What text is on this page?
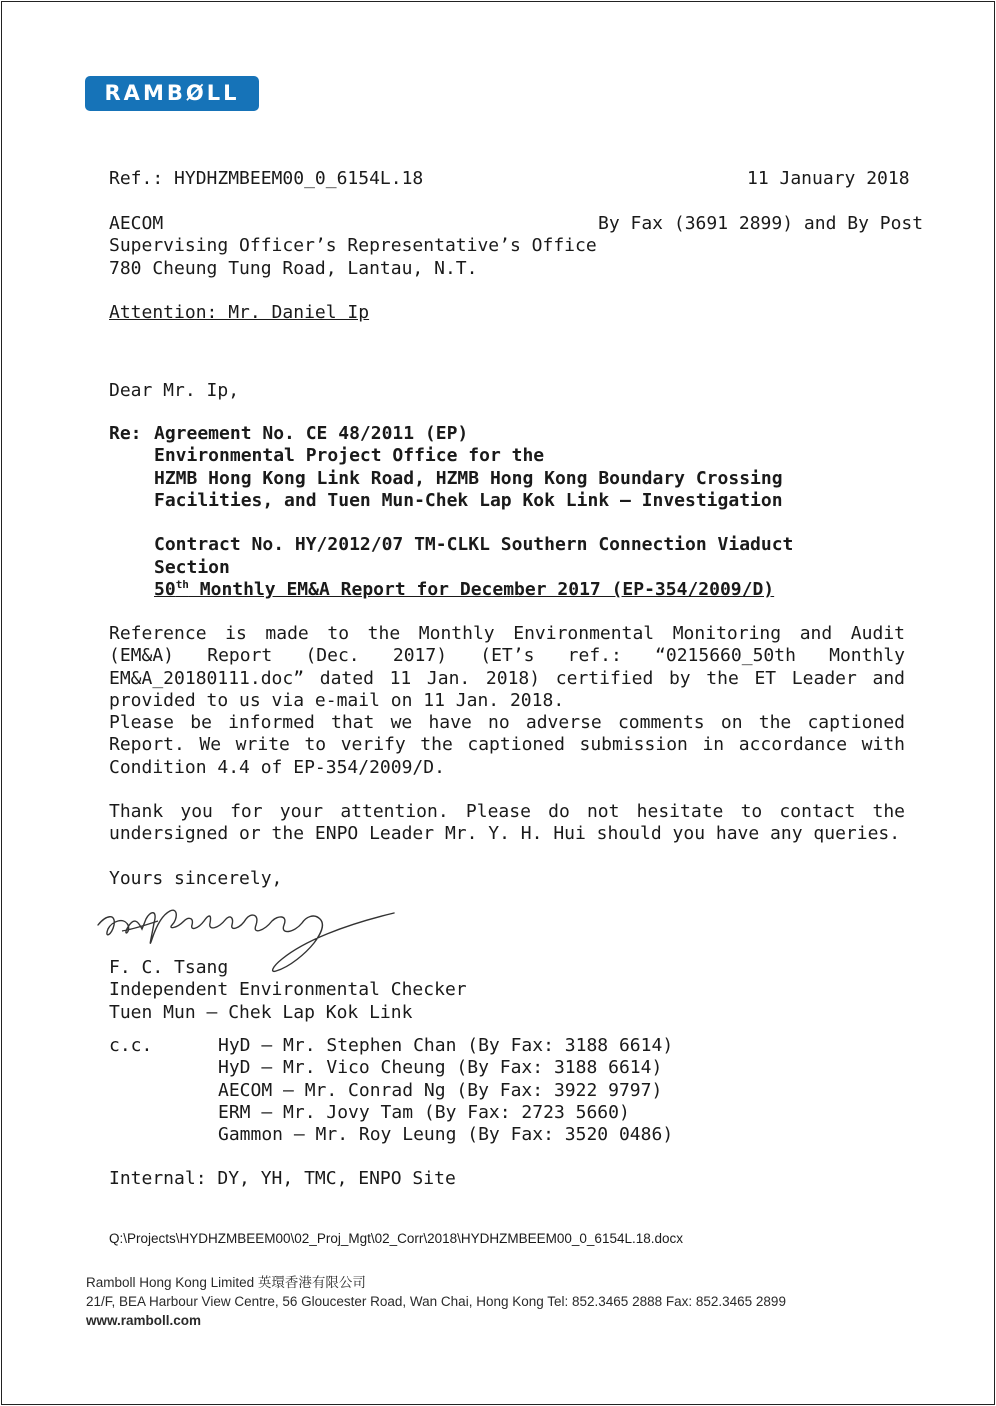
RAMBØLL
Ref.: HYDHZMBEEM00_0_6154L.18	11 January 2018
AECOM	By Fax (3691 2899) and By Post
Supervising Officer’s Representative’s Office
780 Cheung Tung Road, Lantau, N.T.
Attention: Mr. Daniel Ip
Dear Mr. Ip,
Re: Agreement No. CE 48/2011 (EP)
Environmental Project Office for the
HZMB Hong Kong Link Road, HZMB Hong Kong Boundary Crossing
Facilities, and Tuen Mun-Chek Lap Kok Link – Investigation
Contract No. HY/2012/07 TM-CLKL Southern Connection Viaduct
Section
50th Monthly EM&A Report for December 2017 (EP-354/2009/D)
Reference is made to the Monthly Environmental Monitoring and Audit (EM&A) Report (Dec. 2017) (ET’s ref.: “0215660_50th Monthly EM&A_20180111.doc” dated 11 Jan. 2018) certified by the ET Leader and provided to us via e-mail on 11 Jan. 2018.
Please be informed that we have no adverse comments on the captioned Report. We write to verify the captioned submission in accordance with Condition 4.4 of EP-354/2009/D.
Thank you for your attention. Please do not hesitate to contact the undersigned or the ENPO Leader Mr. Y. H. Hui should you have any queries.
Yours sincerely,
F. C. Tsang
Independent Environmental Checker
Tuen Mun – Chek Lap Kok Link
c.c.	HyD – Mr. Stephen Chan (By Fax: 3188 6614)
HyD – Mr. Vico Cheung (By Fax: 3188 6614)
AECOM – Mr. Conrad Ng (By Fax: 3922 9797)
ERM – Mr. Jovy Tam (By Fax: 2723 5660)
Gammon – Mr. Roy Leung (By Fax: 3520 0486)
Internal: DY, YH, TMC, ENPO Site
Q:\Projects\HYDHZMBEEM00\02_Proj_Mgt\02_Corr\2018\HYDHZMBEEM00_0_6154L.18.docx
Ramboll Hong Kong Limited 英環香港有限公司
21/F, BEA Harbour View Centre, 56 Gloucester Road, Wan Chai, Hong Kong Tel: 852.3465 2888 Fax: 852.3465 2899
www.ramboll.com
